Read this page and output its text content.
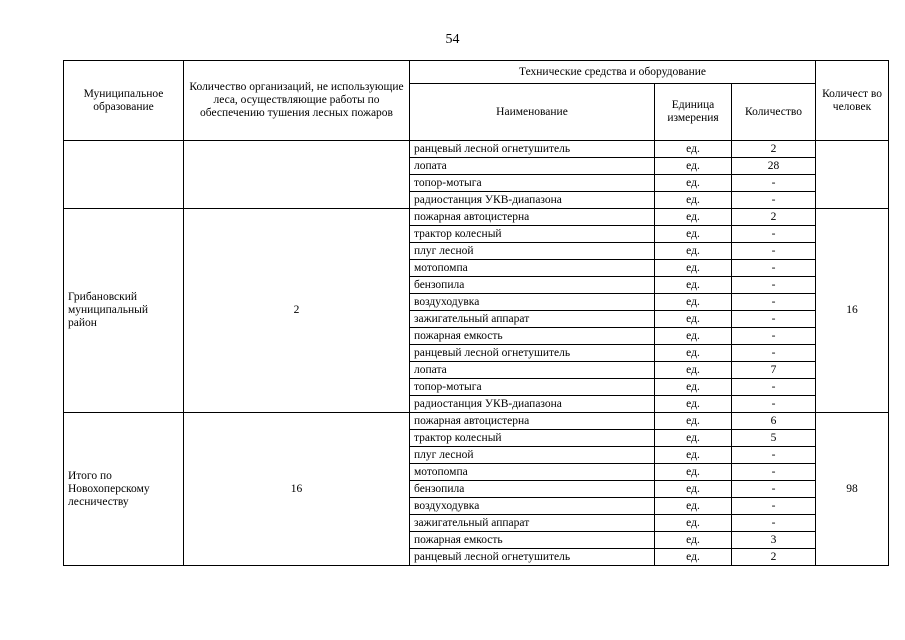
54
Муниципальное образование	Количество организаций, не использующие леса, осуществляющие работы по обеспечению тушения лесных пожаров	Технические средства и оборудование			Количест во человек
		Наименование	Единица измерения	Количество	
		ранцевый лесной огнетушитель	ед.	2	
		лопата	ед.	28	
		топор-мотыга	ед.	-	
		радиостанция УКВ-диапазона	ед.	-	
Грибановский муниципальный район	2	пожарная автоцистерна	ед.	2	16
		трактор колесный	ед.	-	
		плуг лесной	ед.	-	
		мотопомпа	ед.	-	
		бензопила	ед.	-	
		воздуходувка	ед.	-	
		зажигательный аппарат	ед.	-	
		пожарная емкость	ед.	-	
		ранцевый лесной огнетушитель	ед.	-	
		лопата	ед.	7	
		топор-мотыга	ед.	-	
		радиостанция УКВ-диапазона	ед.	-	
Итого по Новохоперскому лесничеству	16	пожарная автоцистерна	ед.	6	98
		трактор колесный	ед.	5	
		плуг лесной	ед.	-	
		мотопомпа	ед.	-	
		бензопила	ед.	-	
		воздуходувка	ед.	-	
		зажигательный аппарат	ед.	-	
		пожарная емкость	ед.	3	
		ранцевый лесной огнетушитель	ед.	2	
